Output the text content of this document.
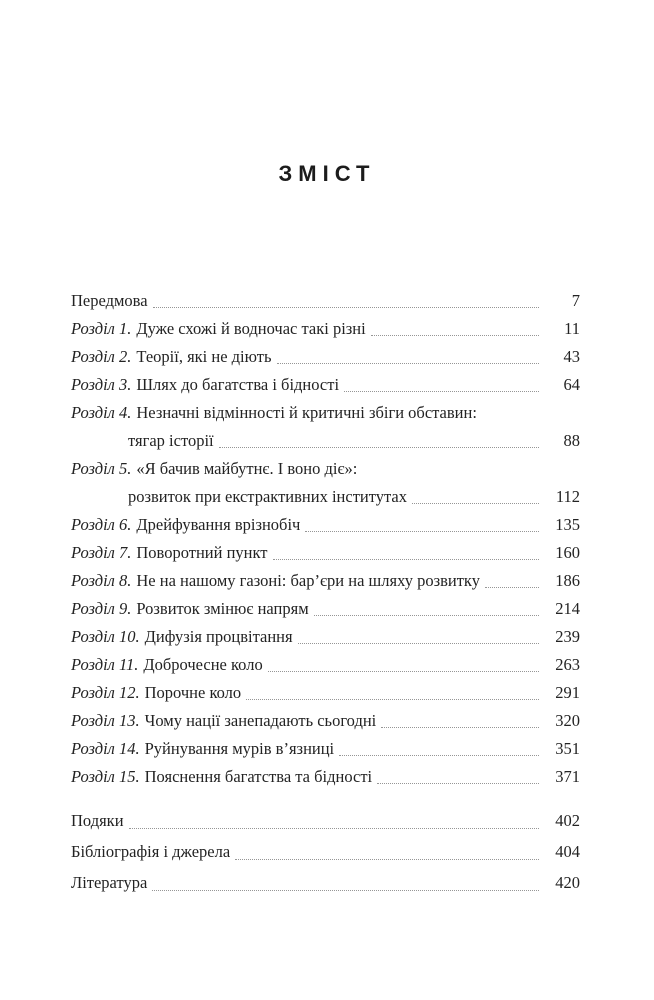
ЗМІСТ
Передмова	7
Розділ 1. Дуже схожі й водночас такі різні	11
Розділ 2. Теорії, які не діють	43
Розділ 3. Шлях до багатства і бідності	64
Розділ 4. Незначні відмінності й критичні збіги обставин:
тягар історії	88
Розділ 5. «Я бачив майбутнє. І воно діє»:
розвиток при екстрактивних інститутах	112
Розділ 6. Дрейфування врізнобіч	135
Розділ 7. Поворотний пункт	160
Розділ 8. Не на нашому газоні: бар’єри на шляху розвитку	186
Розділ 9. Розвиток змінює напрям	214
Розділ 10. Дифузія процвітання	239
Розділ 11. Доброчесне коло	263
Розділ 12. Порочне коло	291
Розділ 13. Чому нації занепадають сьогодні	320
Розділ 14. Руйнування мурів в’язниці	351
Розділ 15. Пояснення багатства та бідності	371
Подяки	402
Бібліографія і джерела	404
Література	420
